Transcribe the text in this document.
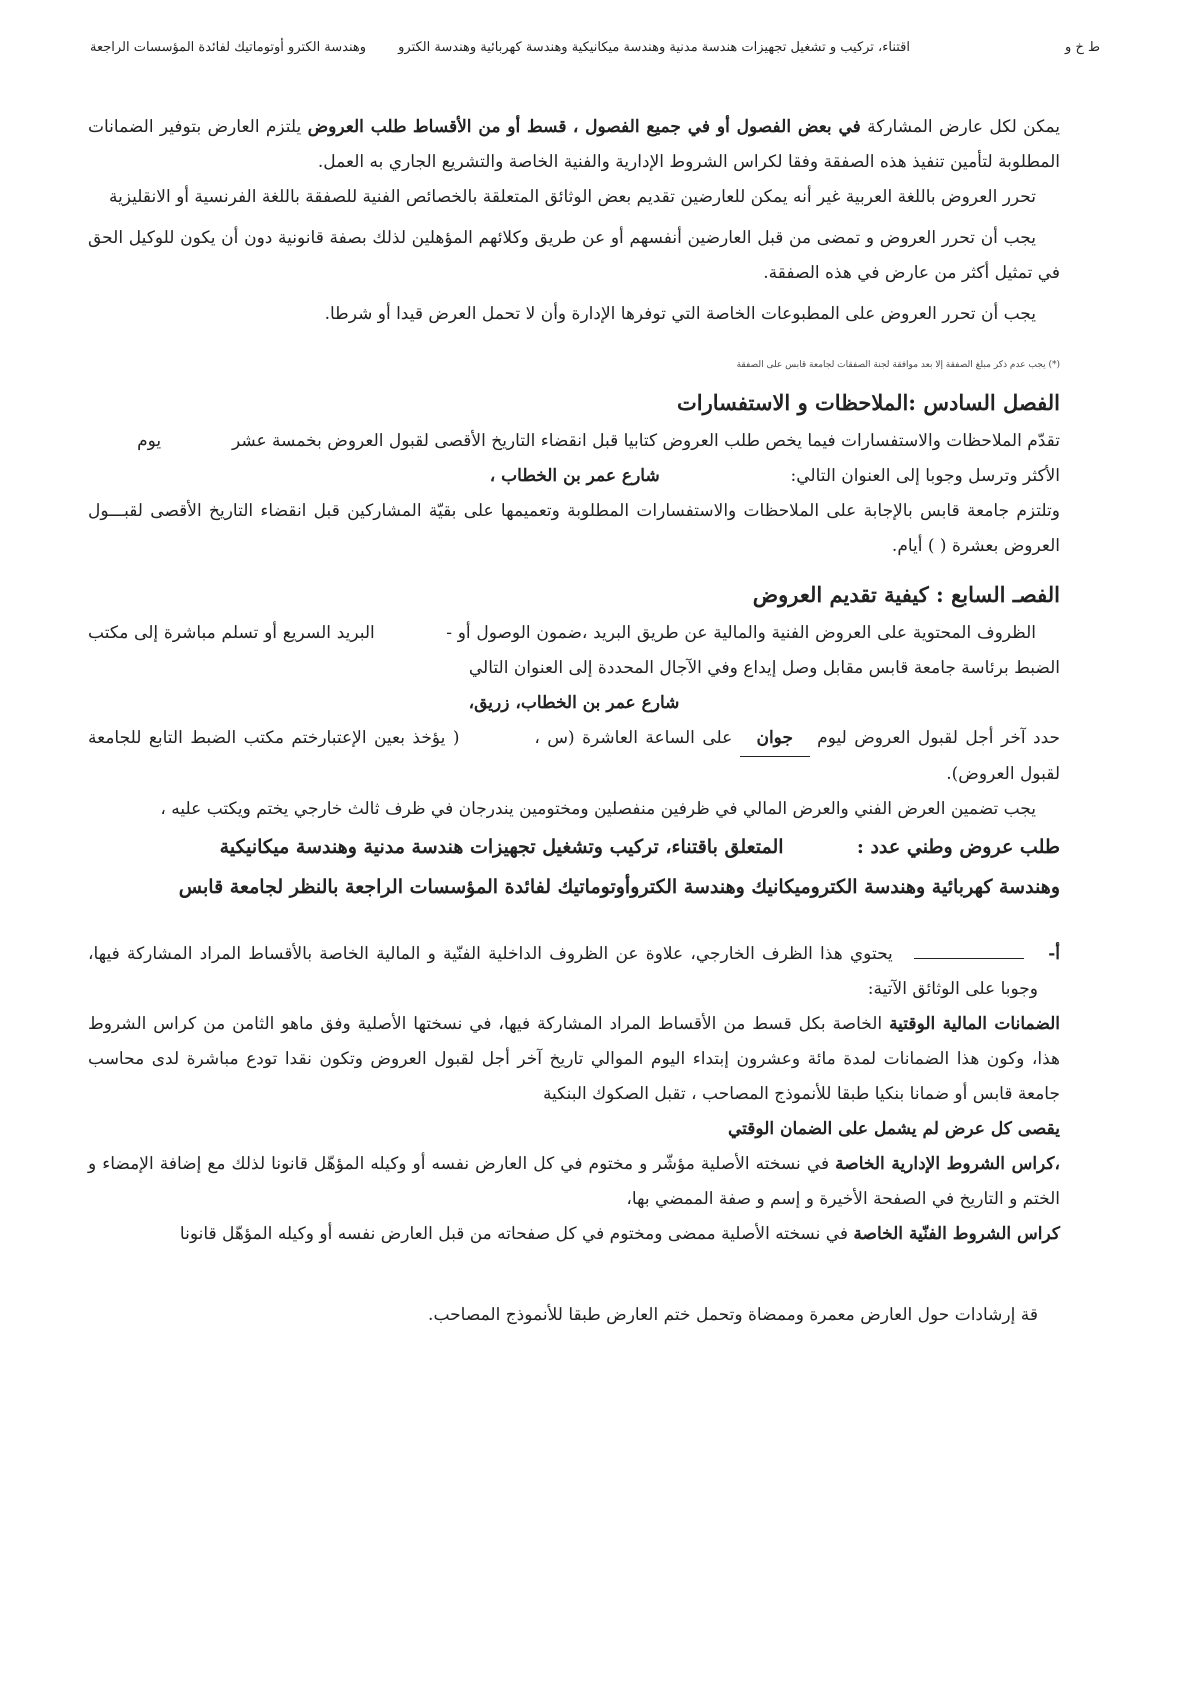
ط خ و
اقتناء، تركيب و تشغيل تجهيزات هندسة مدنية وهندسة ميكانيكية وهندسة كهربائية وهندسة الكترو
وهندسة الكترو أوتوماتيك لفائدة المؤسسات الراجعة

يمكن لكل عارض المشاركة في بعض الفصول أو في جميع الفصول ، قسط أو من الأقساط طلب العروض يلتزم العارض بتوفير الضمانات المطلوبة لتأمين تنفيذ هذه الصفقة وفقا لكراس الشروط الإدارية والفنية الخاصة والتشريع الجاري به العمل.

تحرر العروض باللغة العربية غير أنه يمكن للعارضين تقديم بعض الوثائق المتعلقة بالخصائص الفنية للصفقة باللغة الفرنسية أو الانقليزية

يجب أن تحرر العروض و تمضى من قبل العارضين أنفسهم أو عن طريق وكلائهم المؤهلين لذلك بصفة قانونية دون أن يكون للوكيل الحق في تمثيل أكثر من عارض في هذه الصفقة.

يجب أن تحرر العروض على المطبوعات الخاصة التي توفرها الإدارة وأن لا تحمل العرض قيدا أو شرطا.

(*) يجب عدم ذكر مبلغ الصفقة إلا بعد موافقة لجنة الصفقات لجامعة قابس على الصفقة

الفصل السادس :الملاحظات و الاستفسارات

تقدّم الملاحظات والاستفسارات فيما يخص طلب العروض كتابيا قبل انقضاء التاريخ الأقصى لقبول العروض بخمسة عشر  يوم

الأكثر وترسل وجوبا إلى العنوان التالي:  شارع عمر بن الخطاب ،

وتلتزم جامعة قابس بالإجابة على الملاحظات والاستفسارات المطلوبة وتعميمها على بقيّة المشاركين قبل انقضاء التاريخ الأقصى لقبـــول العروض بعشرة ( ) أيام.

الفصـ السابع : كيفية تقديم العروض

الظروف المحتوية على العروض الفنية والمالية عن طريق البريد ،ضمون الوصول أو -  البريد السريع أو تسلم مباشرة إلى مكتب الضبط برئاسة جامعة قابس مقابل وصل إيداع وفي الآجال المحددة إلى العنوان التالي

شارع عمر بن الخطاب، زريق،

حدد آخر أجل لقبول العروض ليوم جوان على الساعة العاشرة (س ،  ( يؤخذ بعين الإعتبارختم مكتب الضبط التابع للجامعة لقبول العروض).

يجب تضمين العرض الفني والعرض المالي في ظرفين منفصلين ومختومين يندرجان في ظرف ثالث خارجي يختم ويكتب عليه ،

طلب عروض وطني عدد :  المتعلق باقتناء، تركيب وتشغيل تجهيزات هندسة مدنية وهندسة ميكانيكية

وهندسة كهربائية وهندسة الكتروميكانيك وهندسة الكتروأوتوماتيك لفائدة المؤسسات الراجعة بالنظر لجامعة قابس

أ-

يحتوي هذا الظرف الخارجي، علاوة عن الظروف الداخلية الفنّية و المالية الخاصة بالأقساط المراد المشاركة فيها، وجوبا على الوثائق الآتية:

الضمانات المالية الوقتية الخاصة بكل قسط من الأقساط المراد المشاركة فيها، في نسختها الأصلية وفق ماهو الثامن من كراس الشروط هذا، وكون هذا الضمانات لمدة مائة وعشرون إبتداء اليوم الموالي تاريخ آخر أجل لقبول العروض وتكون نقدا تودع مباشرة لدى محاسب جامعة قابس أو ضمانا بنكيا طبقا للأنموذج المصاحب ، تقبل الصكوك البنكية

يقصى كل عرض لم يشمل على الضمان الوقتي

،كراس الشروط الإدارية الخاصة في نسخته الأصلية مؤشّر و مختوم في كل العارض نفسه أو وكيله المؤهّل قانونا لذلك مع إضافة الإمضاء و الختم و التاريخ في الصفحة الأخيرة و إسم و صفة الممضي بها،

كراس الشروط الفنّية الخاصة في نسخته الأصلية ممضى ومختوم في كل صفحاته من قبل العارض نفسه أو وكيله المؤهّل قانونا

قة إرشادات حول العارض معمرة وممضاة وتحمل ختم العارض طبقا للأنموذج المصاحب.
